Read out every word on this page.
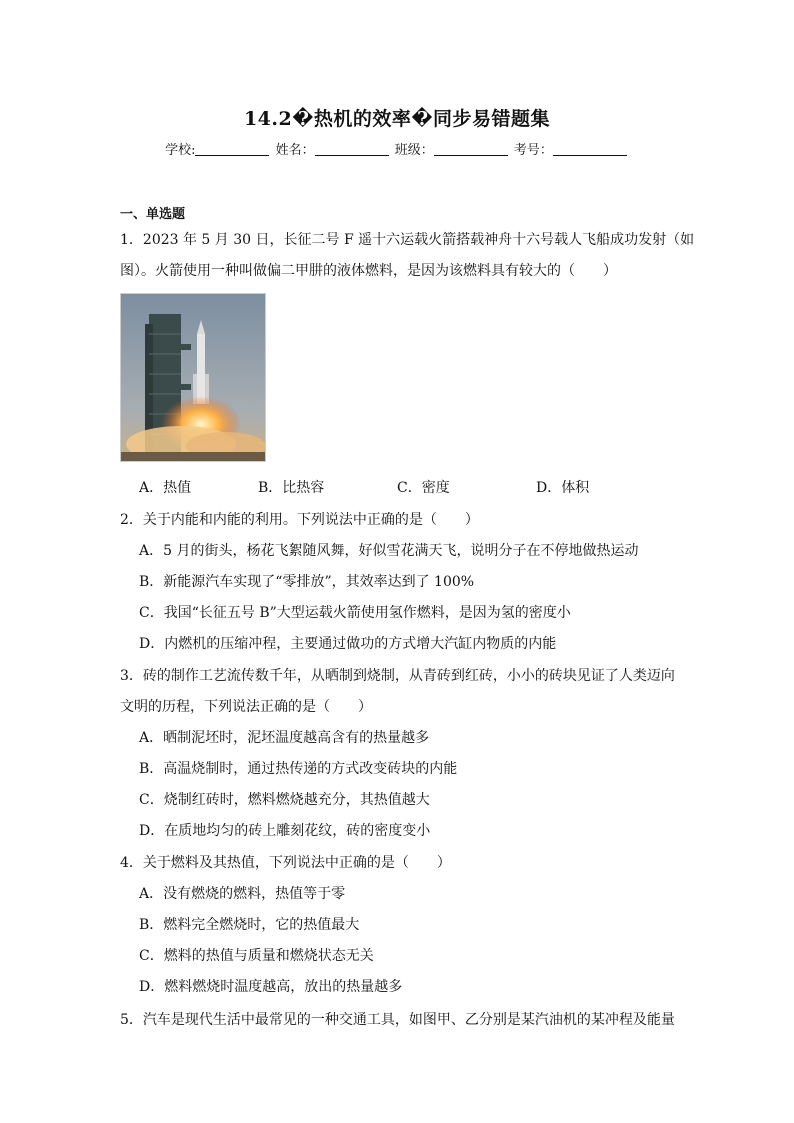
14.2�热机的效率�同步易错题集
学校:	姓名：	班级：	考号：
一、单选题
1．2023 年 5 月 30 日，长征二号 F 遥十六运载火箭搭载神舟十六号载人飞船成功发射（如
图）。火箭使用一种叫做偏二甲肼的液体燃料，是因为该燃料具有较大的（　　）
A．热值	B．比热容	C．密度	D．体积
2．关于内能和内能的利用。下列说法中正确的是（　　）
A．5 月的街头，杨花飞絮随风舞，好似雪花满天飞，说明分子在不停地做热运动
B．新能源汽车实现了“零排放”，其效率达到了 100%
C．我国“长征五号 B”大型运载火箭使用氢作燃料，是因为氢的密度小
D．内燃机的压缩冲程，主要通过做功的方式增大汽缸内物质的内能
3．砖的制作工艺流传数千年，从晒制到烧制，从青砖到红砖，小小的砖块见证了人类迈向
文明的历程，下列说法正确的是（　　）
A．晒制泥坯时，泥坯温度越高含有的热量越多
B．高温烧制时，通过热传递的方式改变砖块的内能
C．烧制红砖时，燃料燃烧越充分，其热值越大
D．在质地均匀的砖上雕刻花纹，砖的密度变小
4．关于燃料及其热值，下列说法中正确的是（　　）
A．没有燃烧的燃料，热值等于零
B．燃料完全燃烧时，它的热值最大
C．燃料的热值与质量和燃烧状态无关
D．燃料燃烧时温度越高，放出的热量越多
5．汽车是现代生活中最常见的一种交通工具，如图甲、乙分别是某汽油机的某冲程及能量
